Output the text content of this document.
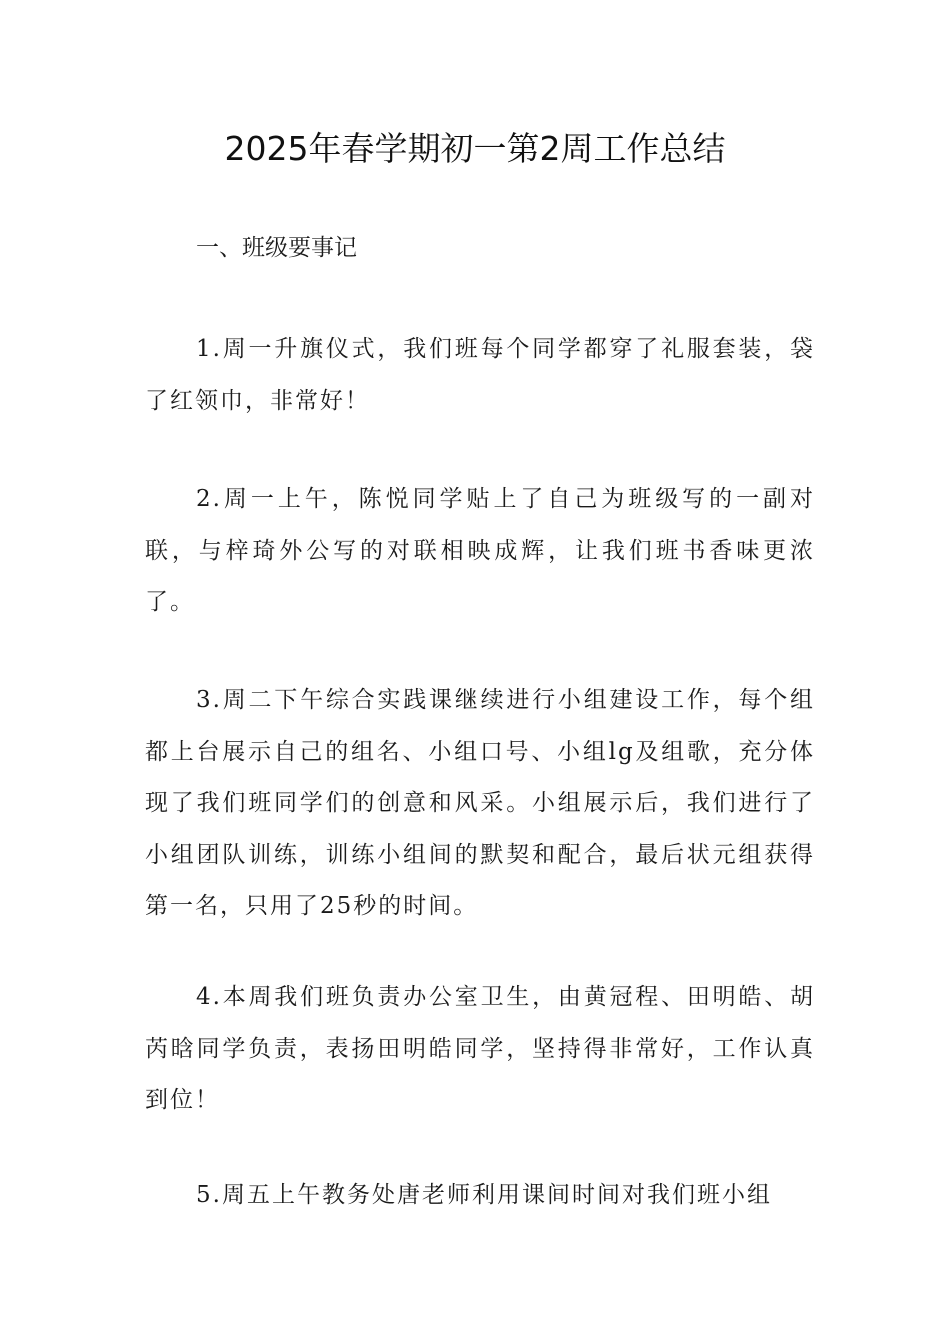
2025年春学期初一第2周工作总结

一、班级要事记

1.周一升旗仪式，我们班每个同学都穿了礼服套装，袋了红领巾，非常好！

2.周一上午，陈悦同学贴上了自己为班级写的一副对联，与梓琦外公写的对联相映成辉，让我们班书香味更浓了。

3.周二下午综合实践课继续进行小组建设工作，每个组都上台展示自己的组名、小组口号、小组lg及组歌，充分体现了我们班同学们的创意和风采。小组展示后，我们进行了小组团队训练，训练小组间的默契和配合，最后状元组获得第一名，只用了25秒的时间。

4.本周我们班负责办公室卫生，由黄冠程、田明皓、胡芮晗同学负责，表扬田明皓同学，坚持得非常好，工作认真到位！

5.周五上午教务处唐老师利用课间时间对我们班小组
